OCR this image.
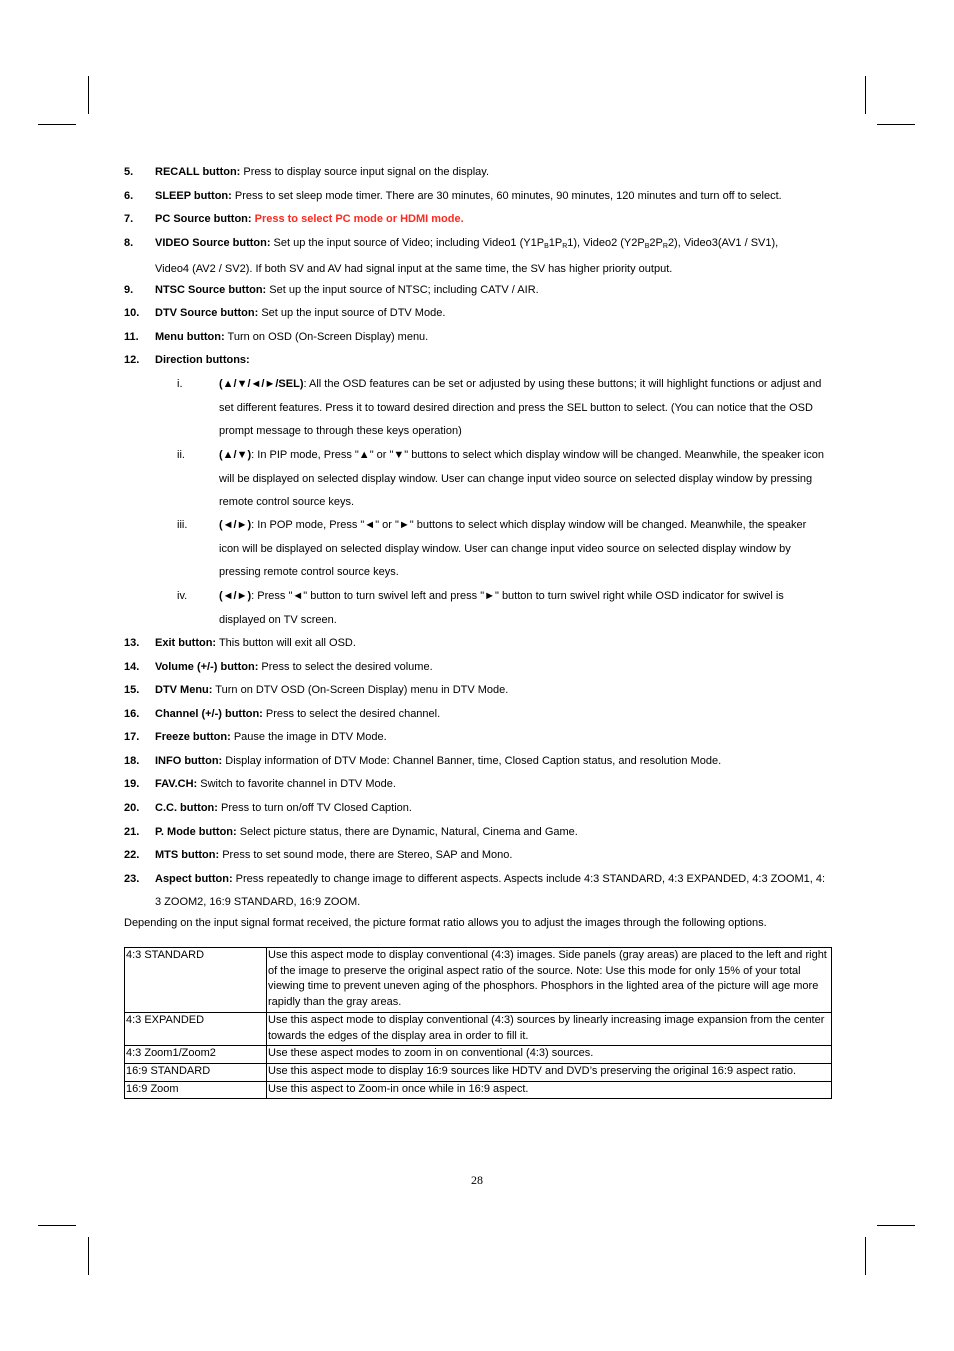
5. RECALL button: Press to display source input signal on the display.
6. SLEEP button: Press to set sleep mode timer. There are 30 minutes, 60 minutes, 90 minutes, 120 minutes and turn off to select.
7. PC Source button: Press to select PC mode or HDMI mode.
8. VIDEO Source button: Set up the input source of Video; including Video1 $(Y1P_B1P_R1)$, Video2 $(Y2P_B2P_R2)$, Video3(AV1 / SV1),
Video4 (AV2 / SV2). If both SV and AV had signal input at the same time, the SV has higher priority output.
9. NTSC Source button: Set up the input source of NTSC; including CATV / AIR.
10. DTV Source button: Set up the input source of DTV Mode.
11. Menu button: Turn on OSD (On-Screen Display) menu.
12. Direction buttons:
i.	(▲/▼/◄/►/SEL): All the OSD features can be set or adjusted by using these buttons; it will highlight functions or adjust and set different features. Press it to toward desired direction and press the SEL button to select. (You can notice that the OSD prompt message to through these keys operation)
ii.	(▲/▼): In PIP mode, Press "▲" or "▼" buttons to select which display window will be changed. Meanwhile, the speaker icon will be displayed on selected display window. User can change input video source on selected display window by pressing remote control source keys.
iii.	(◄/►): In POP mode, Press "◄" or "►" buttons to select which display window will be changed. Meanwhile, the speaker icon will be displayed on selected display window. User can change input video source on selected display window by pressing remote control source keys.
iv.	(◄/►): Press "◄" button to turn swivel left and press "►" button to turn swivel right while OSD indicator for swivel is displayed on TV screen.
13. Exit button: This button will exit all OSD.
14. Volume (+/-) button: Press to select the desired volume.
15. DTV Menu: Turn on DTV OSD (On-Screen Display) menu in DTV Mode.
16. Channel (+/-) button: Press to select the desired channel.
17. Freeze button: Pause the image in DTV Mode.
18. INFO button: Display information of DTV Mode: Channel Banner, time, Closed Caption status, and resolution Mode.
19. FAV.CH: Switch to favorite channel in DTV Mode.
20. C.C. button: Press to turn on/off TV Closed Caption.
21. P. Mode button: Select picture status, there are Dynamic, Natural, Cinema and Game.
22. MTS button: Press to set sound mode, there are Stereo, SAP and Mono.
23. Aspect button: Press repeatedly to change image to different aspects. Aspects include 4:3 STANDARD, 4:3 EXPANDED, 4:3 ZOOM1, 4: 3 ZOOM2, 16:9 STANDARD, 16:9 ZOOM.
Depending on the input signal format received, the picture format ratio allows you to adjust the images through the following options.
4:3 STANDARD	Use this aspect mode to display conventional (4:3) images. Side panels (gray areas) are placed to the left and right of the image to preserve the original aspect ratio of the source. Note: Use this mode for only 15% of your total viewing time to prevent uneven aging of the phosphors. Phosphors in the lighted area of the picture will age more rapidly than the gray areas.
4:3 EXPANDED	Use this aspect mode to display conventional (4:3) sources by linearly increasing image expansion from the center towards the edges of the display area in order to fill it.
4:3 Zoom1/Zoom2	Use these aspect modes to zoom in on conventional (4:3) sources.
16:9 STANDARD	Use this aspect mode to display 16:9 sources like HDTV and DVD’s preserving the original 16:9 aspect ratio.
16:9 Zoom	Use this aspect to Zoom-in once while in 16:9 aspect.
28
